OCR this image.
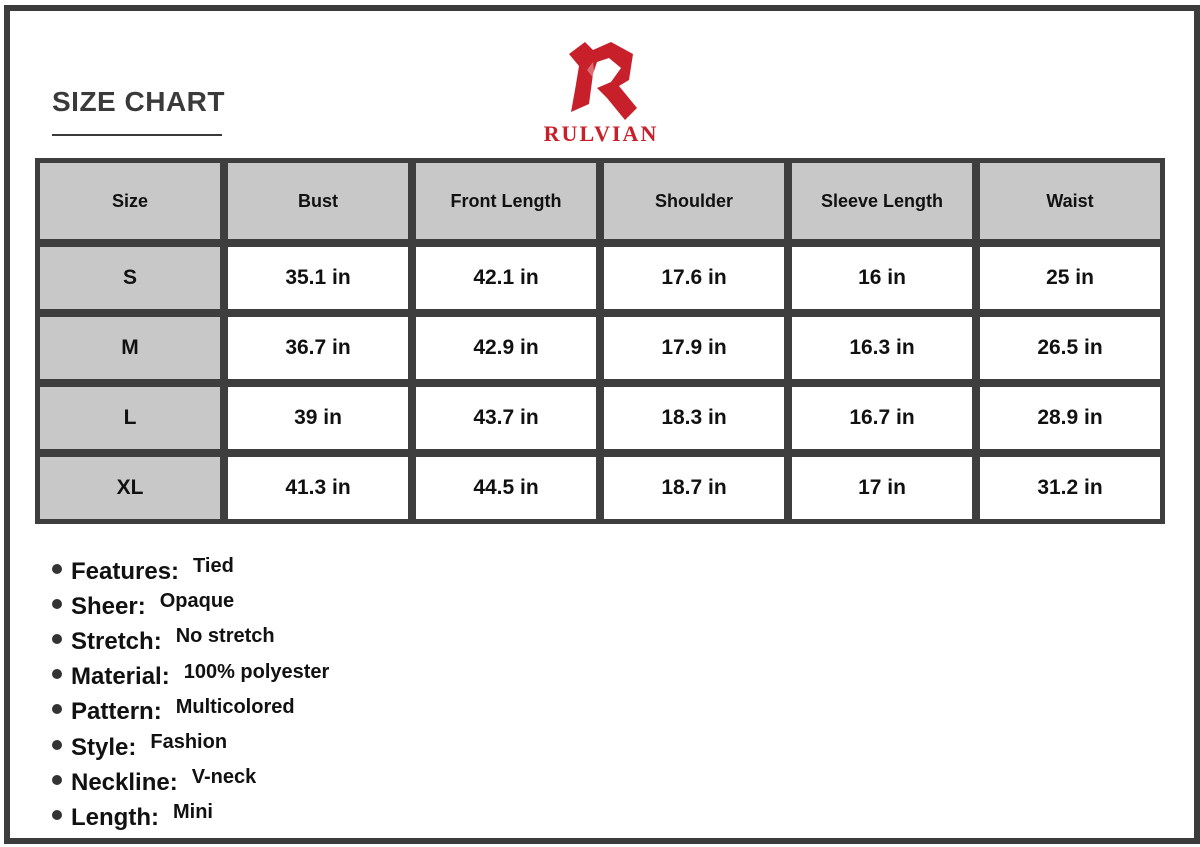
SIZE CHART
RULVIAN
Size	Bust	Front Length	Shoulder	Sleeve Length	Waist
S	35.1 in	42.1 in	17.6 in	16 in	25 in
M	36.7 in	42.9 in	17.9 in	16.3 in	26.5 in
L	39 in	43.7 in	18.3 in	16.7 in	28.9 in
XL	41.3 in	44.5 in	18.7 in	17 in	31.2 in
Features: Tied
Sheer: Opaque
Stretch: No stretch
Material: 100% polyester
Pattern: Multicolored
Style: Fashion
Neckline: V-neck
Length: Mini
